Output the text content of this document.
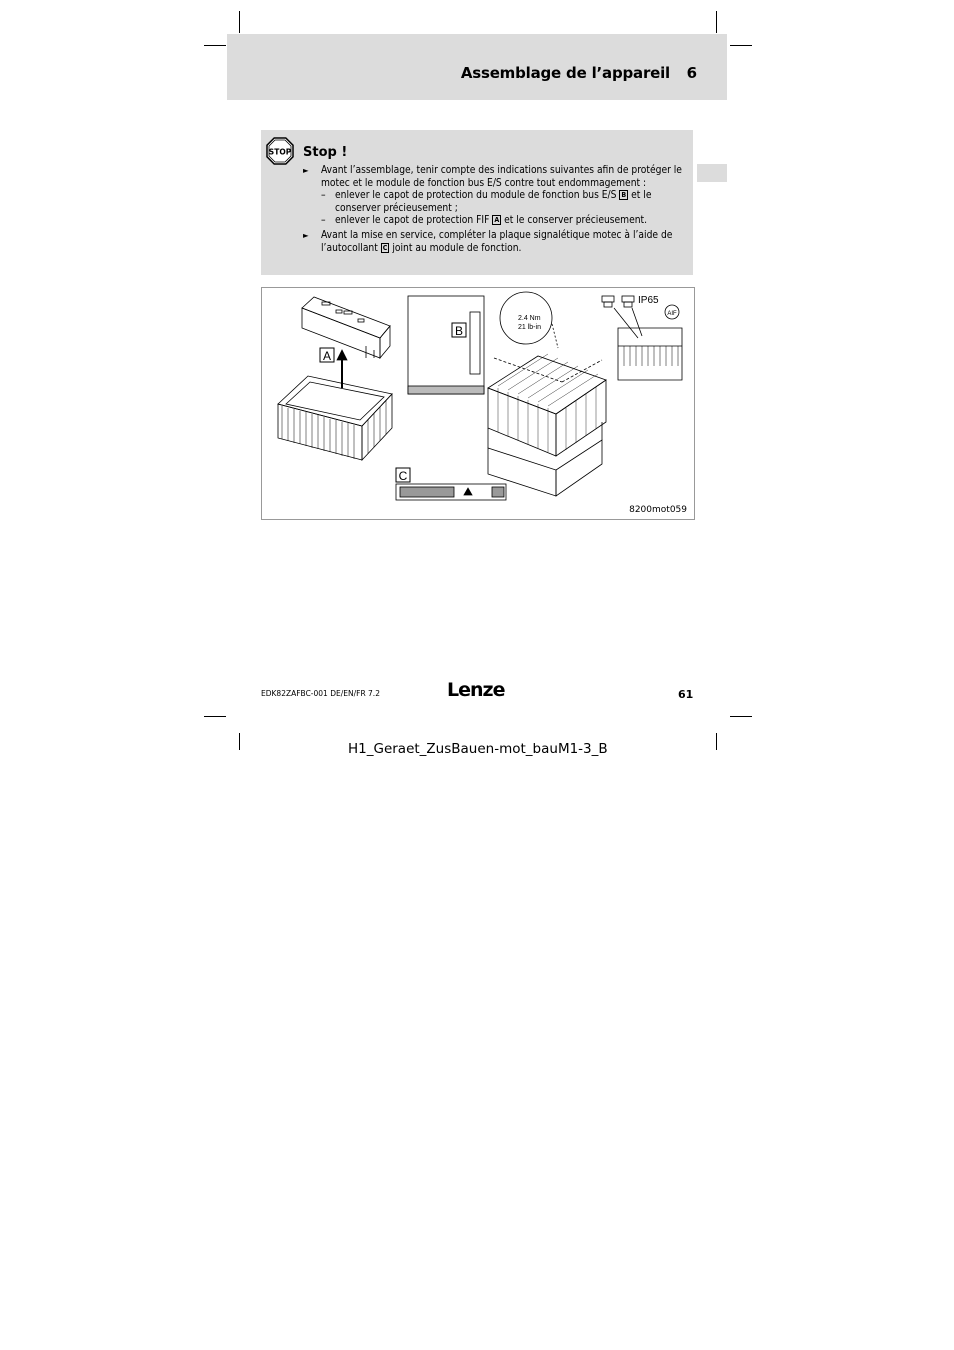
Assemblage de l’appareil 6
STOP Stop !
► Avant l’assemblage, tenir compte des indications suivantes afin de protéger le motec et le module de fonction bus E/S contre tout endommagement :
– enlever le capot de protection du module de fonction bus E/S B et le conserver précieusement ;
– enlever le capot de protection FIF A et le conserver précieusement.
► Avant la mise en service, compléter la plaque signalétique motec à l’aide de l’autocollant C joint au module de fonction.
A
B
C
2.4 Nm
21 lb-in
IP65
AIF
8200mot059
EDK82ZAFBC-001 DE/EN/FR 7.2	Lenze	61
H1_Geraet_ZusBauen-mot_bauM1-3_B
